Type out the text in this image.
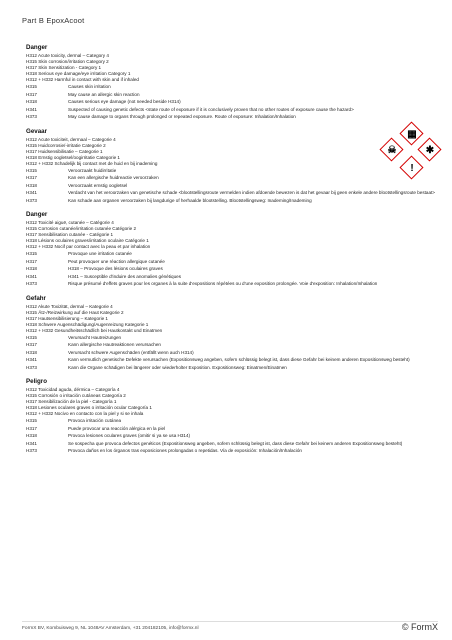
Part B EpoxAcoot
☠
▦
✱
!
Danger
H312 Acute toxicity, dermal – Category 4
H315 Skin corrosion/irritation Category 2
H317 Skin Sensitization - Category 1
H318 Serious eye damage/eye irritation Category 1
H312 + H332 Harmful in contact with skin and if inhaled
H315	Causes skin irritation
H317	May cause an allergic skin reaction
H318	Causes serious eye damage (not needed beside H314)
H341	Suspected of causing genetic defects <state route of exposure if it is conclusively proven that no other routes of exposure cause the hazard>
H373	May cause damage to organs through prolonged or repeated exposure. Route of exposure: Inhalation/Inhalation
Gevaar
H312 Acute toxiciteit, dermaal – Categorie 4
H315 Huidcorrosie/-irritatie Categorie 2
H317 Huidsensibilisatie – Categorie 1
H318 Ernstig oogletsel/oogirritatie Categorie 1
H312 + H332 Schadelijk bij contact met de huid en bij inademing
H315	Veroorzaakt huidirritatie
H317	Kan een allergische huidreactie veroorzaken
H318	Veroorzaakt ernstig oogletsel
H341	Verdacht van het veroorzaken van genetische schade <blootstellingsroute vermelden indien afdoende bewezen is dat het gevaar bij geen enkele andere blootstellingsroute bestaat>
H373	Kan schade aan organen veroorzaken bij langdurige of herhaalde blootstelling. Blootstellingsweg: Inademing/Inademing
Danger
H312 Toxicité aiguë, cutanée – Catégorie 4
H315 Corrosion cutanée/irritation cutanée Catégorie 2
H317 Sensibilisation cutanée - Catégorie 1
H318 Lésions oculaires graves/irritation oculaire Catégorie 1
H312 + H332 Nocif par contact avec la peau et par inhalation
H315	Provoque une irritation cutanée
H317	Peut provoquer une réaction allergique cutanée
H318	H318 – Provoque des lésions oculaires graves
H341	H341 – Susceptible d'induire des anomalies génétiques
H373	Risque présumé d'effets graves pour les organes à la suite d'expositions répétées ou d'une exposition prolongée. Voie d'exposition: Inhalation/Inhalation
Gefahr
H312 Akute Toxizität, dermal – Kategorie 4
H315 Ätz-/Reizwirkung auf die Haut Kategorie 2
H317 Hautsensibilisierung – Kategorie 1
H318 Schwere Augenschädigung/Augenreizung Kategorie 1
H312 + H332 Gesundheitsschädlich bei Hautkontakt und Einatmen
H315	Verursacht Hautreizungen
H317	Kann allergische Hautreaktionen verursachen
H318	Verursacht schwere Augenschäden (entfällt wenn auch H314)
H341	Kann vermutlich genetische Defekte verursachen (Expositionsweg angeben, sofern schlüssig belegt ist, dass diese Gefahr bei keinem anderen Expositionsweg besteht)
H373	Kann die Organe schädigen bei längerer oder wiederholter Exposition. Expositionsweg: Einatmen/Einatmen
Peligro
H312 Toxicidad aguda, dérmica – Categoría 4
H315 Corrosión o irritación cutáneas Categoría 2
H317 Sensibilización de la piel - Categoría 1
H318 Lesiones oculares graves o irritación ocular Categoría 1
H312 + H332 Nocivo en contacto con la piel y si se inhala
H315	Provoca irritación cutánea
H317	Puede provocar una reacción alérgica en la piel
H318	Provoca lesiones oculares graves (omitir si ya se usa H314)
H341	Se sospecha que provoca defectos genéticos (Expositionsweg angeben, sofern schlüssig belegt ist, dass diese Gefahr bei keinem anderen Expositionsweg besteht)
H373	Provoca daños en los órganos tras exposiciones prolongadas o repetidas. Vía de exposición: Inhalación/Inhalación
FormX BV, Kombuisweg 9, NL 1048AV Amsterdam, +31 204182105, info@formx.nl	© FormX
